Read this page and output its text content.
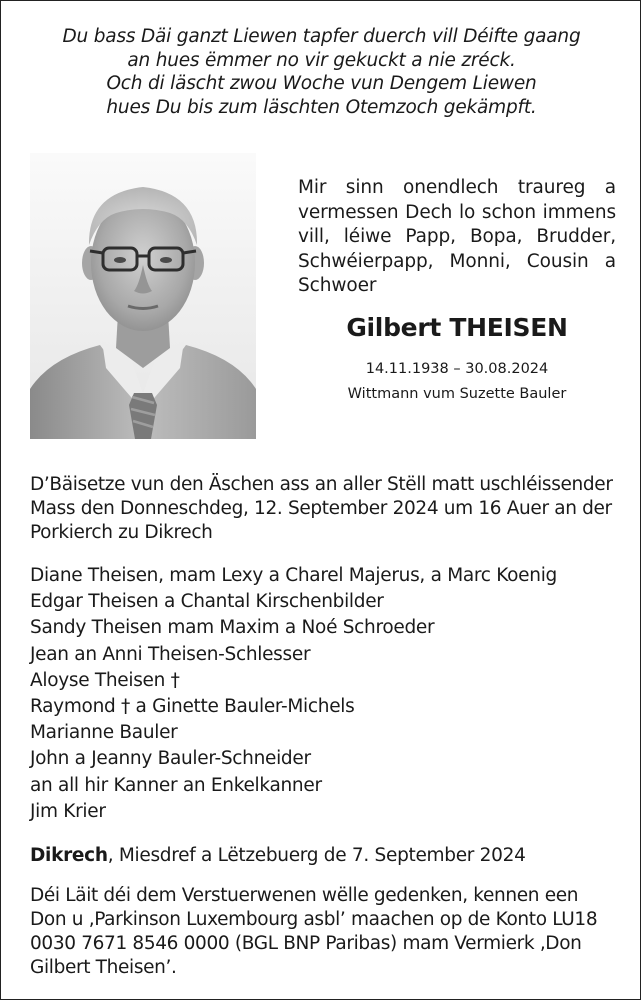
Du bass Däi ganzt Liewen tapfer duerch vill Déifte gaang
an hues ëmmer no vir gekuckt a nie zréck.
Och di läscht zwou Woche vun Dengem Liewen
hues Du bis zum läschten Otemzoch gekämpft.
Mir sinn onendlech traureg a vermessen Dech lo schon immens vill, léiwe Papp, Bopa, Brudder, Schwéierpapp, Monni, Cousin a Schwoer
Gilbert THEISEN
14.11.1938 – 30.08.2024
Wittmann vum Suzette Bauler
D’Bäisetze vun den Äschen ass an aller Stëll matt uschléissender
Mass den Donneschdeg, 12. September 2024 um 16 Auer an der
Porkierch zu Dikrech
Diane Theisen, mam Lexy a Charel Majerus, a Marc Koenig
Edgar Theisen a Chantal Kirschenbilder
Sandy Theisen mam Maxim a Noé Schroeder
Jean an Anni Theisen-Schlesser
Aloyse Theisen †
Raymond † a Ginette Bauler-Michels
Marianne Bauler
John a Jeanny Bauler-Schneider
an all hir Kanner an Enkelkanner
Jim Krier
Dikrech, Miesdref a Lëtzebuerg de 7. September 2024
Déi Läit déi dem Verstuerwenen wëlle gedenken, kennen een
Don u ‚Parkinson Luxembourg asbl’ maachen op de Konto LU18
0030 7671 8546 0000 (BGL BNP Paribas) mam Vermierk ‚Don
Gilbert Theisen’.
